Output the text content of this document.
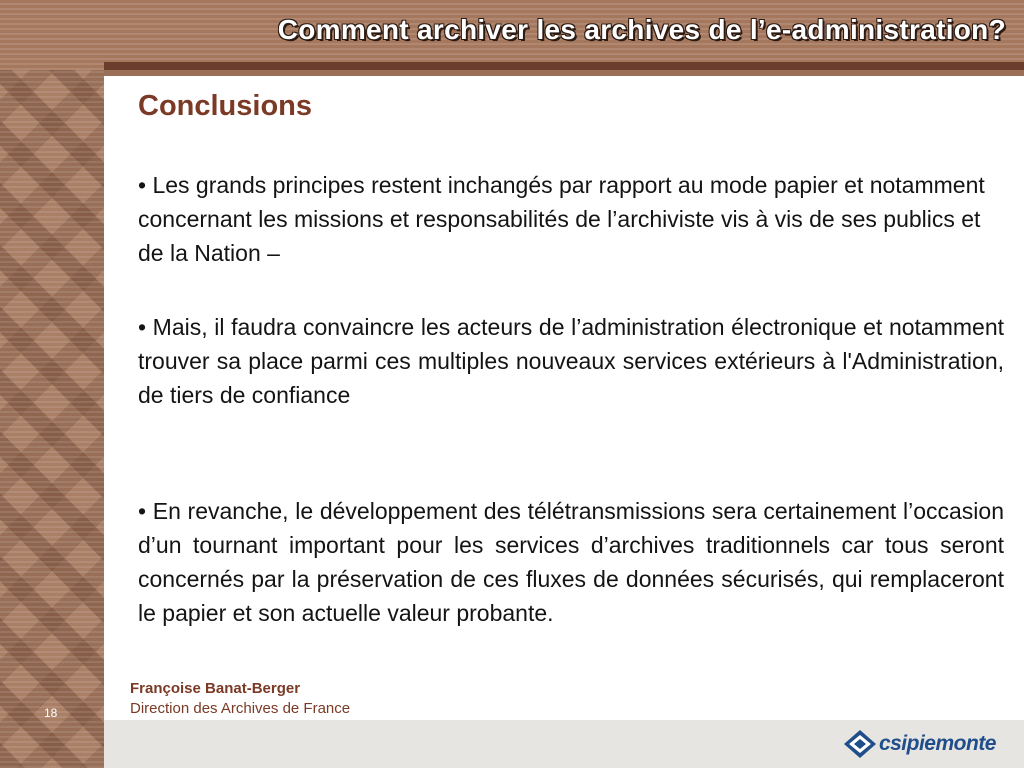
Comment archiver les archives de l’e-administration?
Conclusions
• Les grands principes restent inchangés par rapport au mode papier et notamment concernant les missions et responsabilités de l’archiviste vis à vis de ses publics et de la Nation –
• Mais, il faudra convaincre les acteurs de l’administration électronique et notamment trouver sa place parmi ces multiples nouveaux services extérieurs à l'Administration, de tiers de confiance
• En revanche, le développement des télétransmissions sera certainement l’occasion d’un tournant important pour les services d’archives traditionnels car tous seront concernés par la préservation de ces fluxes de données sécurisés, qui remplaceront le papier et son actuelle valeur probante.
Françoise Banat-Berger
Direction des Archives de France
18
csipiemonte
